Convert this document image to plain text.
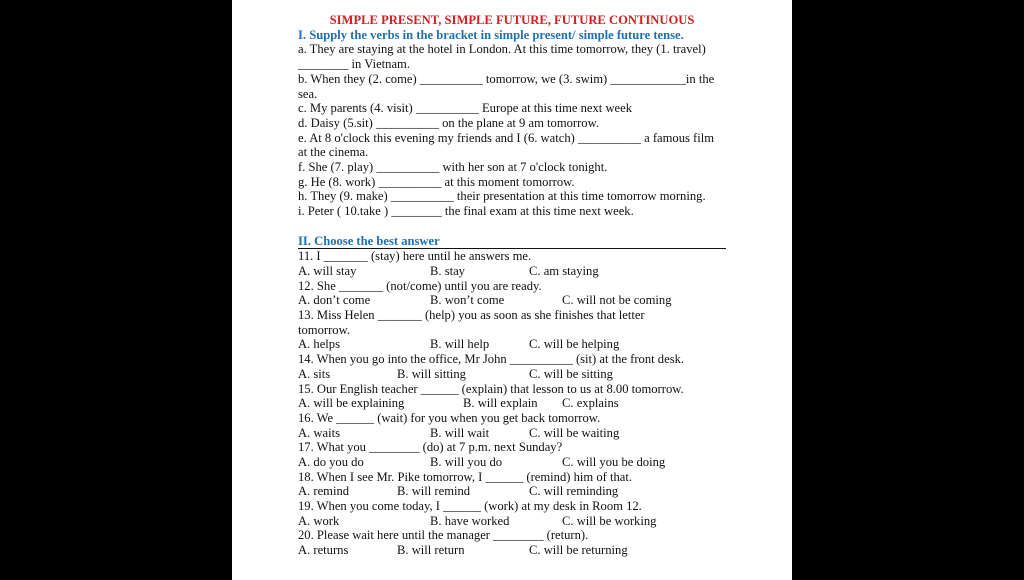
SIMPLE PRESENT, SIMPLE FUTURE, FUTURE CONTINUOUS
I. Supply the verbs in the bracket in simple present/ simple future tense.
a. They are staying at the hotel in London. At this time tomorrow, they (1. travel) ________ in Vietnam.
b. When they (2. come) __________ tomorrow, we (3. swim) ____________in the sea.
c. My parents (4. visit) __________ Europe at this time next week
d. Daisy (5.sit) __________ on the plane at 9 am tomorrow.
e. At 8 o'clock this evening my friends and I (6. watch) __________ a famous film at the cinema.
f. She (7. play) __________ with her son at 7 o'clock tonight.
g. He (8. work) __________ at this moment tomorrow.
h. They (9. make) __________ their presentation at this time tomorrow morning.
i. Peter ( 10.take ) ________ the final exam at this time next week.
II. Choose the best answer
11. I _______ (stay) here until he answers me.
A. will stay	B. stay	C. am staying
12. She _______ (not/come) until you are ready.
A. don’t come	B. won’t come	C. will not be coming
13. Miss Helen _______ (help) you as soon as she finishes that letter tomorrow.
A. helps	B. will help	C. will be helping
14. When you go into the office, Mr John __________ (sit) at the front desk.
A. sits	B. will sitting	C. will be sitting
15. Our English teacher ______ (explain) that lesson to us at 8.00 tomorrow.
A. will be explaining	B. will explain C. explains
16. We ______ (wait) for you when you get back tomorrow.
A. waits	B. will wait	C. will be waiting
17. What you ________ (do) at 7 p.m. next Sunday?
A. do you do	B. will you do	C. will you be doing
18. When I see Mr. Pike tomorrow, I ______ (remind) him of that.
A. remind	B. will remind	C. will reminding
19. When you come today, I ______ (work) at my desk in Room 12.
A. work	B. have worked	C. will be working
20. Please wait here until the manager ________ (return).
A. returns	B. will return	C. will be returning
